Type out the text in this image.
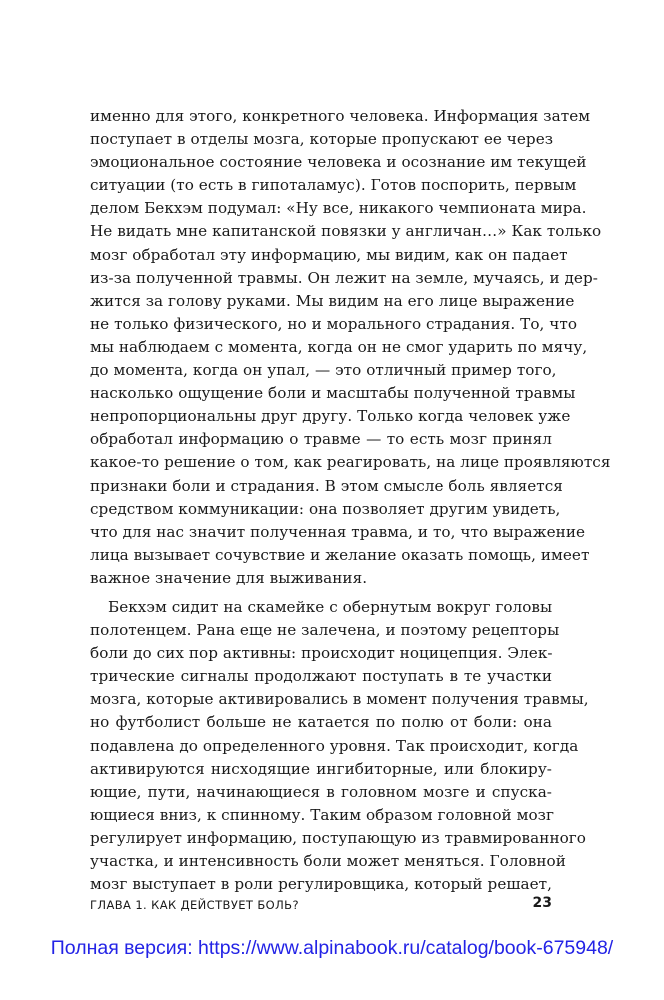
именно для этого, конкретного человека. Информация затем
поступает в отделы мозга, которые пропускают ее через
эмоциональное состояние человека и осознание им текущей
ситуации (то есть в гипоталамус). Готов поспорить, первым
делом Бекхэм подумал: «Ну все, никакого чемпионата мира.
Не видать мне капитанской повязки у англичан…» Как только
мозг обработал эту информацию, мы видим, как он падает
из-за полученной травмы. Он лежит на земле, мучаясь, и дер-
жится за голову руками. Мы видим на его лице выражение
не только физического, но и морального страдания. То, что
мы наблюдаем с момента, когда он не смог ударить по мячу,
до момента, когда он упал, — это отличный пример того,
насколько ощущение боли и масштабы полученной травмы
непропорциональны друг другу. Только когда человек уже
обработал информацию о травме — то есть мозг принял
какое-то решение о том, как реагировать, на лице проявляются
признаки боли и страдания. В этом смысле боль является
средством коммуникации: она позволяет другим увидеть,
что для нас значит полученная травма, и то, что выражение
лица вызывает сочувствие и желание оказать помощь, имеет
важное значение для выживания.
Бекхэм сидит на скамейке с обернутым вокруг головы
полотенцем. Рана еще не залечена, и поэтому рецепторы
боли до сих пор активны: происходит ноцицепция. Элек-
трические сигналы продолжают поступать в те участки
мозга, которые активировались в момент получения травмы,
но футболист больше не катается по полю от боли: она
подавлена до определенного уровня. Так происходит, когда
активируются нисходящие ингибиторные, или блокиру-
ющие, пути, начинающиеся в головном мозге и спуска-
ющиеся вниз, к спинному. Таким образом головной мозг
регулирует информацию, поступающую из травмированного
участка, и интенсивность боли может меняться. Головной
мозг выступает в роли регулировщика, который решает,
ГЛАВА 1. КАК ДЕЙСТВУЕТ БОЛЬ?	23
Полная версия: https://www.alpinabook.ru/catalog/book-675948/
